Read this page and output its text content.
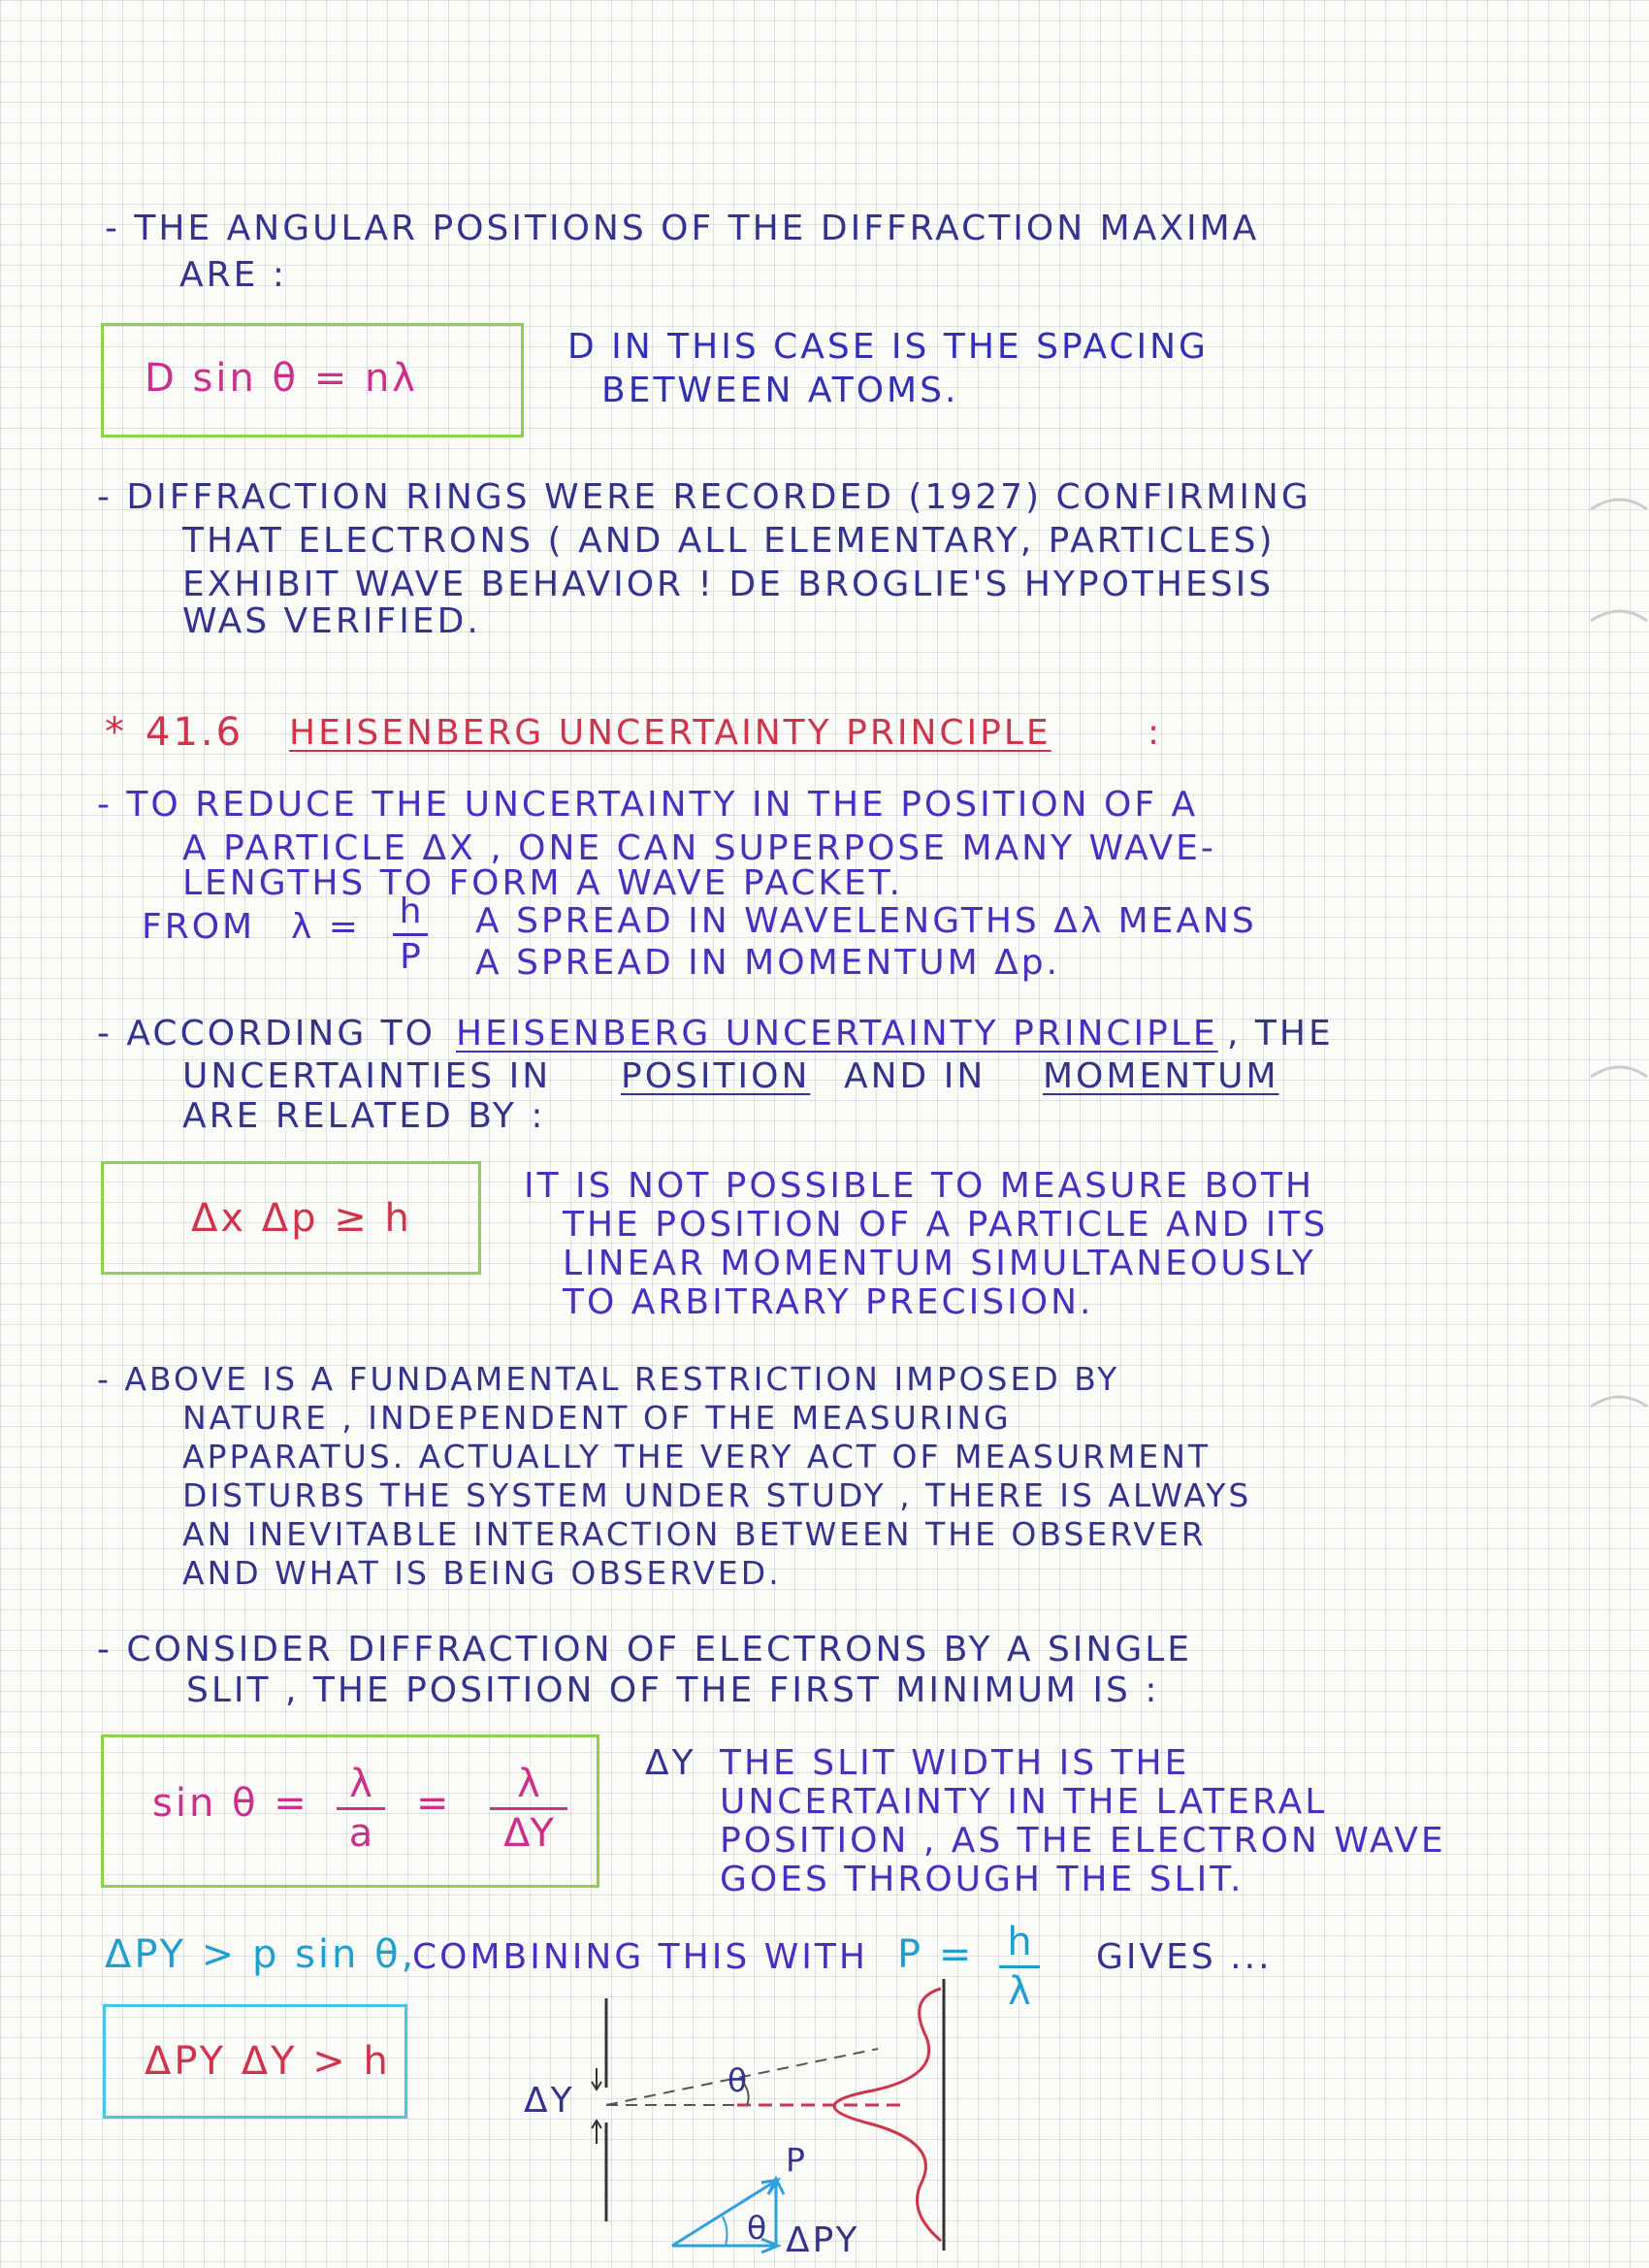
- THE ANGULAR POSITIONS OF THE DIFFRACTION MAXIMA
ARE :
D sin θ = nλ
D IN THIS CASE IS THE SPACING
BETWEEN ATOMS.
- DIFFRACTION RINGS WERE RECORDED (1927) CONFIRMING
THAT ELECTRONS ( AND ALL ELEMENTARY, PARTICLES)
EXHIBIT WAVE BEHAVIOR ! DE BROGLIE'S HYPOTHESIS
WAS VERIFIED.
* 41.6 HEISENBERG UNCERTAINTY PRINCIPLE	:
- TO REDUCE THE UNCERTAINTY IN THE POSITION OF A
A PARTICLE ΔX , ONE CAN SUPERPOSE MANY WAVE-
LENGTHS TO FORM A WAVE PACKET.
FROM λ = h
P
A SPREAD IN WAVELENGTHS Δλ MEANS
A SPREAD IN MOMENTUM Δp.
- ACCORDING TO HEISENBERG UNCERTAINTY PRINCIPLE , THE
UNCERTAINTIES IN POSITION AND IN MOMENTUM
ARE RELATED BY :
Δx Δp ≥ h
IT IS NOT POSSIBLE TO MEASURE BOTH
THE POSITION OF A PARTICLE AND ITS
LINEAR MOMENTUM SIMULTANEOUSLY
TO ARBITRARY PRECISION.
- ABOVE IS A FUNDAMENTAL RESTRICTION IMPOSED BY
NATURE , INDEPENDENT OF THE MEASURING
APPARATUS. ACTUALLY THE VERY ACT OF MEASURMENT
DISTURBS THE SYSTEM UNDER STUDY , THERE IS ALWAYS
AN INEVITABLE INTERACTION BETWEEN THE OBSERVER
AND WHAT IS BEING OBSERVED.
- CONSIDER DIFFRACTION OF ELECTRONS BY A SINGLE
SLIT , THE POSITION OF THE FIRST MINIMUM IS :
sin θ = λ
a
= λ
ΔY
ΔY THE SLIT WIDTH IS THE
UNCERTAINTY IN THE LATERAL
POSITION , AS THE ELECTRON WAVE
GOES THROUGH THE SLIT.
ΔPY > p sin θ,
COMBINING THIS WITH P = h
λ
GIVES ...
ΔPY ΔY > h
ΔY
θ
P
θ ΔPY
